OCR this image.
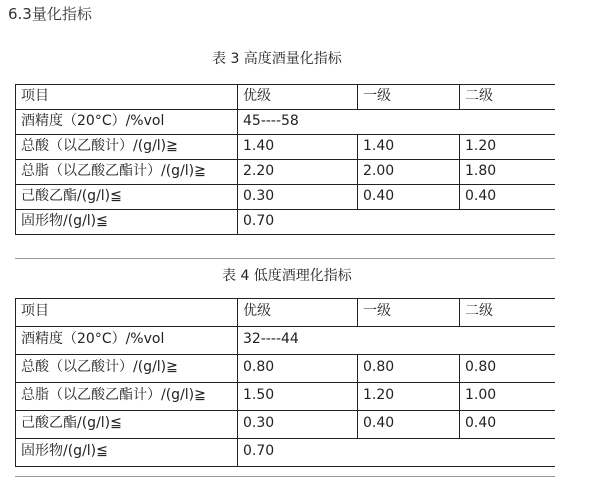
6.3量化指标
表 3 高度酒量化指标
项目	优级	一级	二级
酒精度（20°C）/%vol	45----58		
总酸（以乙酸计）/(g/l)≧	1.40	1.40	1.20
总脂（以乙酸乙酯计）/(g/l)≧	2.20	2.00	1.80
己酸乙酯/(g/l)≦	0.30	0.40	0.40
固形物/(g/l)≦	0.70		
表 4 低度酒理化指标
项目	优级	一级	二级
酒精度（20°C）/%vol	32----44		
总酸（以乙酸计）/(g/l)≧	0.80	0.80	0.80
总脂（以乙酸乙酯计）/(g/l)≧	1.50	1.20	1.00
己酸乙酯/(g/l)≦	0.30	0.40	0.40
固形物/(g/l)≦	0.70		
